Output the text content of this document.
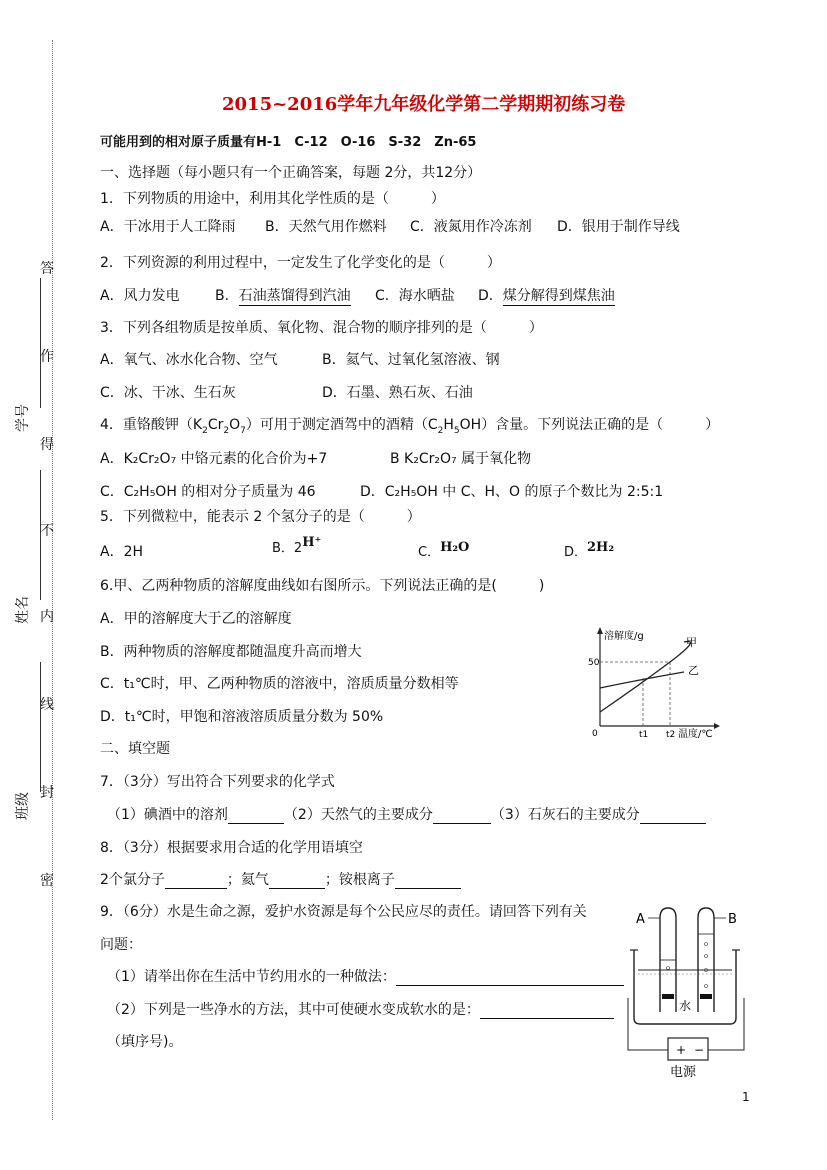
答
作
得
不
内
线
封
密
学号
姓名
班级
2015~2016学年九年级化学第二学期期初练习卷
可能用到的相对原子质量有H-1　C-12　O-16　S-32　Zn-65
一、选择题（每小题只有一个正确答案，每题 2分，共12分）
1．下列物质的用途中，利用其化学性质的是（　　　）
A．干冰用于人工降雨 B．天然气用作燃料 C．液氮用作冷冻剂 D．银用于制作导线
2．下列资源的利用过程中，一定发生了化学变化的是（　　　）
A．风力发电	B．石油蒸馏得到汽油 C．海水晒盐 D．煤分解得到煤焦油
3．下列各组物质是按单质、氧化物、混合物的顺序排列的是（　　　）
A．氧气、冰水化合物、空气	B．氦气、过氧化氢溶液、钢
C．冰、干冰、生石灰	D．石墨、熟石灰、石油
4．重铬酸钾$(K_2Cr_2O_7)$可用于测定酒驾中的酒精$(C_2H_5OH)$含量。下列说法正确的是（　　　）
A．K₂Cr₂O₇ 中铬元素的化合价为+7	B K₂Cr₂O₇ 属于氧化物
C．C₂H₅OH 的相对分子质量为 46	D．C₂H₅OH 中 C、H、O 的原子个数比为 2:5:1
5．下列微粒中，能表示 2 个氢分子的是（　　　）
A．2H	B．2H⁺
C．H₂O	D．2H₂
6.甲、乙两种物质的溶解度曲线如右图所示。下列说法正确的是(　　　)
A．甲的溶解度大于乙的溶解度
B．两种物质的溶解度都随温度升高而增大
C．t₁℃时，甲、乙两种物质的溶液中，溶质质量分数相等
D．t₁℃时，甲饱和溶液溶质质量分数为 50%
溶解度/g
温度/℃
0
50
t1 t2
甲
乙
二、填空题
7．（3分）写出符合下列要求的化学式
（1）碘酒中的溶剂	（2）天然气的主要成分	（3）石灰石的主要成分
8．（3分）根据要求用合适的化学用语填空
2个氯分子	；氦气	；铵根离子
9．（6分）水是生命之源，爱护水资源是每个公民应尽的责任。请回答下列有关
问题：
（1）请举出你在生活中节约用水的一种做法：
（2）下列是一些净水的方法，其中可使硬水变成软水的是：
（填序号)。
A	B
水
+ −
电源
1
